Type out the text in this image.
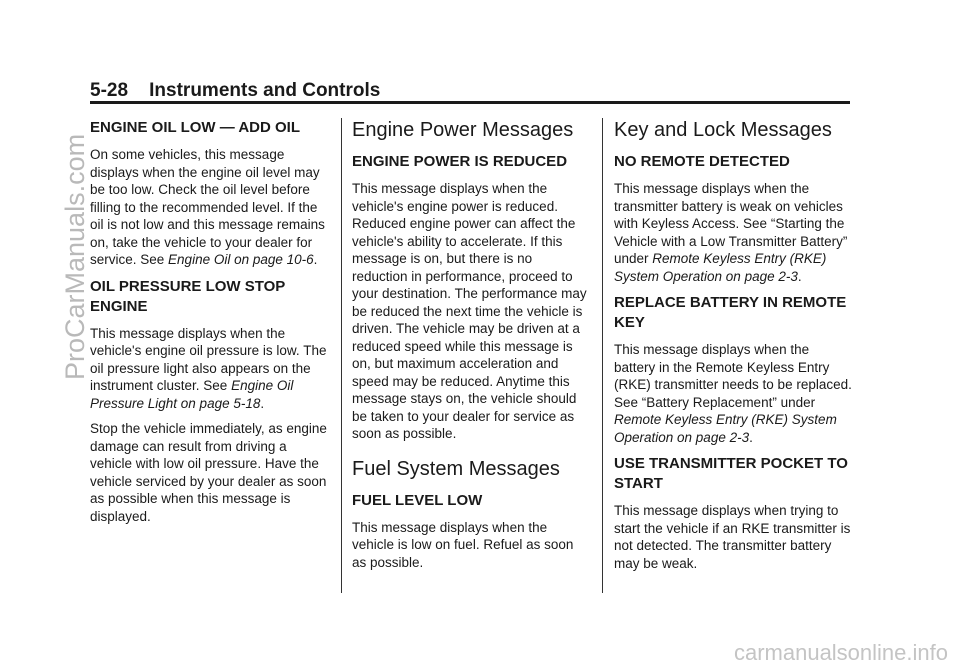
5-28 Instruments and Controls
ENGINE OIL LOW — ADD OIL

On some vehicles, this message displays when the engine oil level may be too low. Check the oil level before filling to the recommended level. If the oil is not low and this message remains on, take the vehicle to your dealer for service. See Engine Oil on page 10-6.

OIL PRESSURE LOW STOP ENGINE

This message displays when the vehicle's engine oil pressure is low. The oil pressure light also appears on the instrument cluster. See Engine Oil Pressure Light on page 5-18.

Stop the vehicle immediately, as engine damage can result from driving a vehicle with low oil pressure. Have the vehicle serviced by your dealer as soon as possible when this message is displayed.

Engine Power Messages
ENGINE POWER IS REDUCED

This message displays when the vehicle's engine power is reduced. Reduced engine power can affect the vehicle's ability to accelerate. If this message is on, but there is no reduction in performance, proceed to your destination. The performance may be reduced the next time the vehicle is driven. The vehicle may be driven at a reduced speed while this message is on, but maximum acceleration and speed may be reduced. Anytime this message stays on, the vehicle should be taken to your dealer for service as soon as possible.

Fuel System Messages
FUEL LEVEL LOW

This message displays when the vehicle is low on fuel. Refuel as soon as possible.

Key and Lock Messages
NO REMOTE DETECTED

This message displays when the transmitter battery is weak on vehicles with Keyless Access. See “Starting the Vehicle with a Low Transmitter Battery” under Remote Keyless Entry (RKE) System Operation on page 2-3.

REPLACE BATTERY IN REMOTE KEY

This message displays when the battery in the Remote Keyless Entry (RKE) transmitter needs to be replaced. See “Battery Replacement” under Remote Keyless Entry (RKE) System Operation on page 2-3.

USE TRANSMITTER POCKET TO START

This message displays when trying to start the vehicle if an RKE transmitter is not detected. The transmitter battery may be weak.

ProCarManuals.com
carmanualsonline.info
